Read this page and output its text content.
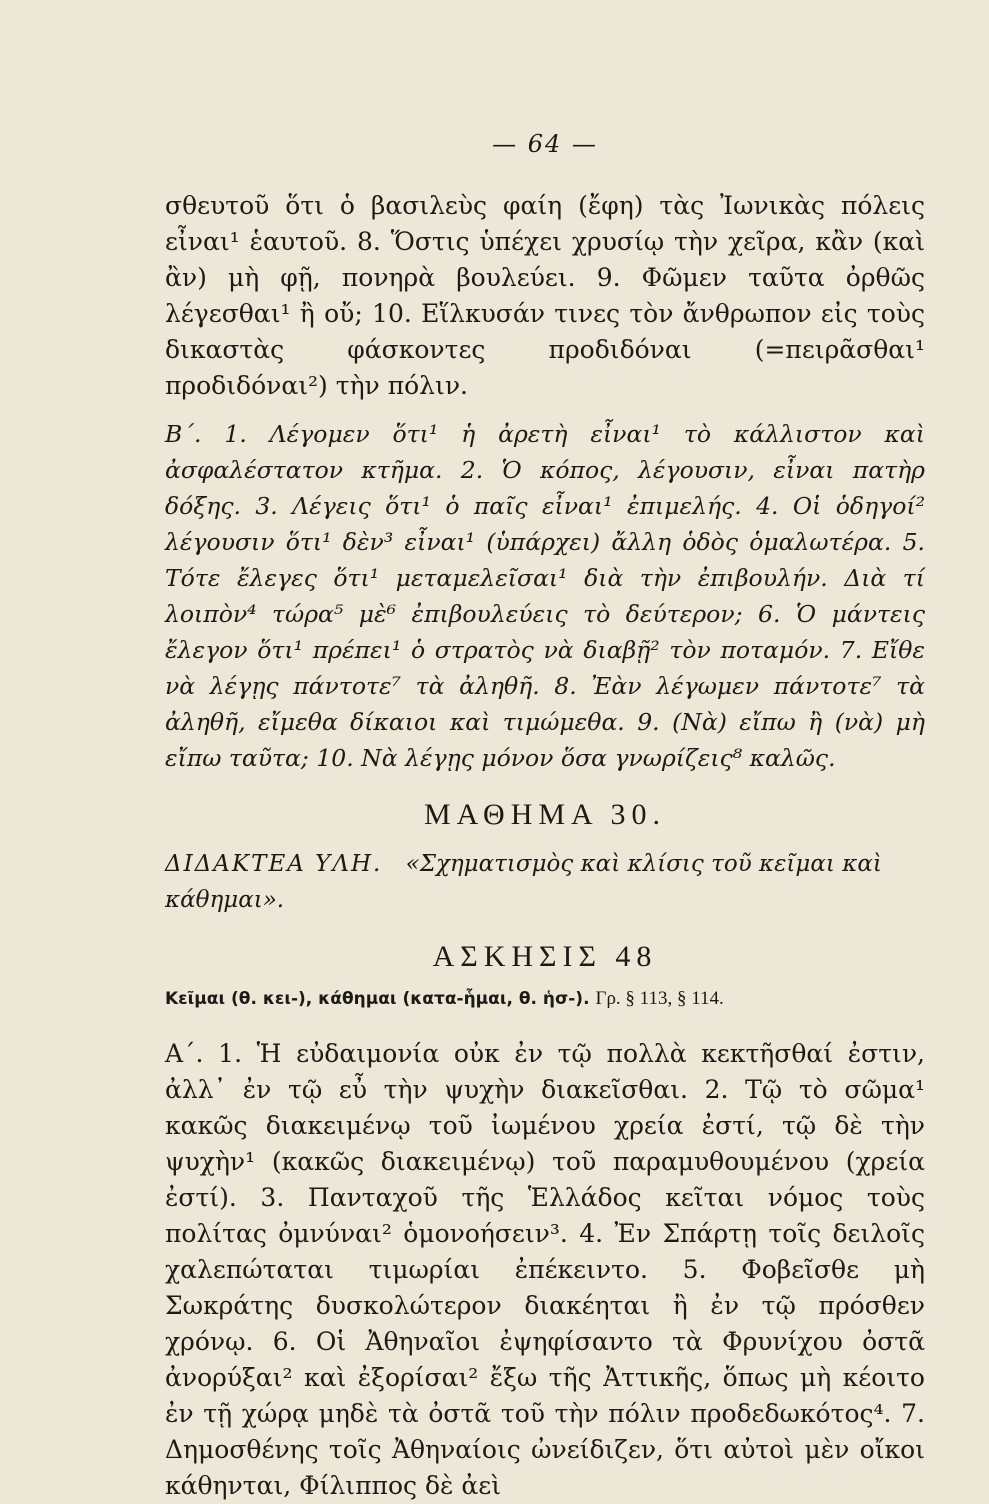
— 64 —

σθευτοῦ ὅτι ὁ βασιλεὺς φαίη (ἔφη) τὰς Ἰωνικὰς πόλεις εἶναι¹ ἑαυτοῦ. 8. Ὅστις ὑπέχει χρυσίῳ τὴν χεῖρα, κἂν (καὶ ἂν) μὴ φῇ, πονηρὰ βουλεύει. 9. Φῶμεν ταῦτα ὀρθῶς λέγεσθαι¹ ἢ οὔ; 10. Εἵλκυσάν τινες τὸν ἄνθρωπον εἰς τοὺς δικαστὰς φάσκοντες προδιδόναι (=πειρᾶσθαι¹ προδιδόναι²) τὴν πόλιν.

Β΄. 1. Λέγομεν ὅτι¹ ἡ ἀρετὴ εἶναι¹ τὸ κάλλιστον καὶ ἀσφαλέστατον κτῆμα. 2. Ὁ κόπος, λέγουσιν, εἶναι πατὴρ δόξης. 3. Λέγεις ὅτι¹ ὁ παῖς εἶναι¹ ἐπιμελής. 4. Οἱ ὁδηγοί² λέγουσιν ὅτι¹ δὲν³ εἶναι¹ (ὑπάρχει) ἄλλη ὁδὸς ὁμαλωτέρα. 5. Τότε ἔλεγες ὅτι¹ μεταμελεῖσαι¹ διὰ τὴν ἐπιβουλήν. Διὰ τί λοιπὸν⁴ τώρα⁵ μὲ⁶ ἐπιβουλεύεις τὸ δεύτερον; 6. Ὁ μάντεις ἔλεγον ὅτι¹ πρέπει¹ ὁ στρατὸς νὰ διαβῇ² τὸν ποταμόν. 7. Εἴθε νὰ λέγῃς πάντοτε⁷ τὰ ἀληθῆ. 8. Ἐὰν λέγωμεν πάντοτε⁷ τὰ ἀληθῆ, εἴμεθα δίκαιοι καὶ τιμώμεθα. 9. (Νὰ) εἴπω ἢ (νὰ) μὴ εἴπω ταῦτα; 10. Νὰ λέγῃς μόνον ὅσα γνωρίζεις⁸ καλῶς.

ΜΑΘΗΜΑ 30.

ΔΙΔΑΚΤΕΑ ΥΛΗ. «Σχηματισμὸς καὶ κλίσις τοῦ κεῖμαι καὶ κάθημαι».

ΑΣΚΗΣΙΣ 48
Κεῖμαι (θ. κει-), κάθημαι (κατα-ἧμαι, θ. ἡσ-). Γρ. § 113, § 114.

Α΄. 1. Ἡ εὐδαιμονία οὐκ ἐν τῷ πολλὰ κεκτῆσθαί ἐστιν, ἀλλ᾽ ἐν τῷ εὖ τὴν ψυχὴν διακεῖσθαι. 2. Τῷ τὸ σῶμα¹ κακῶς διακειμένῳ τοῦ ἰωμένου χρεία ἐστί, τῷ δὲ τὴν ψυχὴν¹ (κακῶς διακειμένῳ) τοῦ παραμυθουμένου (χρεία ἐστί). 3. Πανταχοῦ τῆς Ἑλλάδος κεῖται νόμος τοὺς πολίτας ὀμνύναι² ὁμονοήσειν³. 4. Ἐν Σπάρτῃ τοῖς δειλοῖς χαλεπώταται τιμωρίαι ἐπέκειντο. 5. Φοβεῖσθε μὴ Σωκράτης δυσκολώτερον διακέηται ἢ ἐν τῷ πρόσθεν χρόνῳ. 6. Οἱ Ἀθηναῖοι ἐψηφίσαντο τὰ Φρυνίχου ὀστᾶ ἀνορύξαι² καὶ ἐξορίσαι² ἔξω τῆς Ἀττικῆς, ὅπως μὴ κέοιτο ἐν τῇ χώρᾳ μηδὲ τὰ ὀστᾶ τοῦ τὴν πόλιν προδεδωκότος⁴. 7. Δημοσθένης τοῖς Ἀθηναίοις ὠνείδιζεν, ὅτι αὐτοὶ μὲν οἴκοι κάθηνται, Φίλιππος δὲ ἀεὶ
